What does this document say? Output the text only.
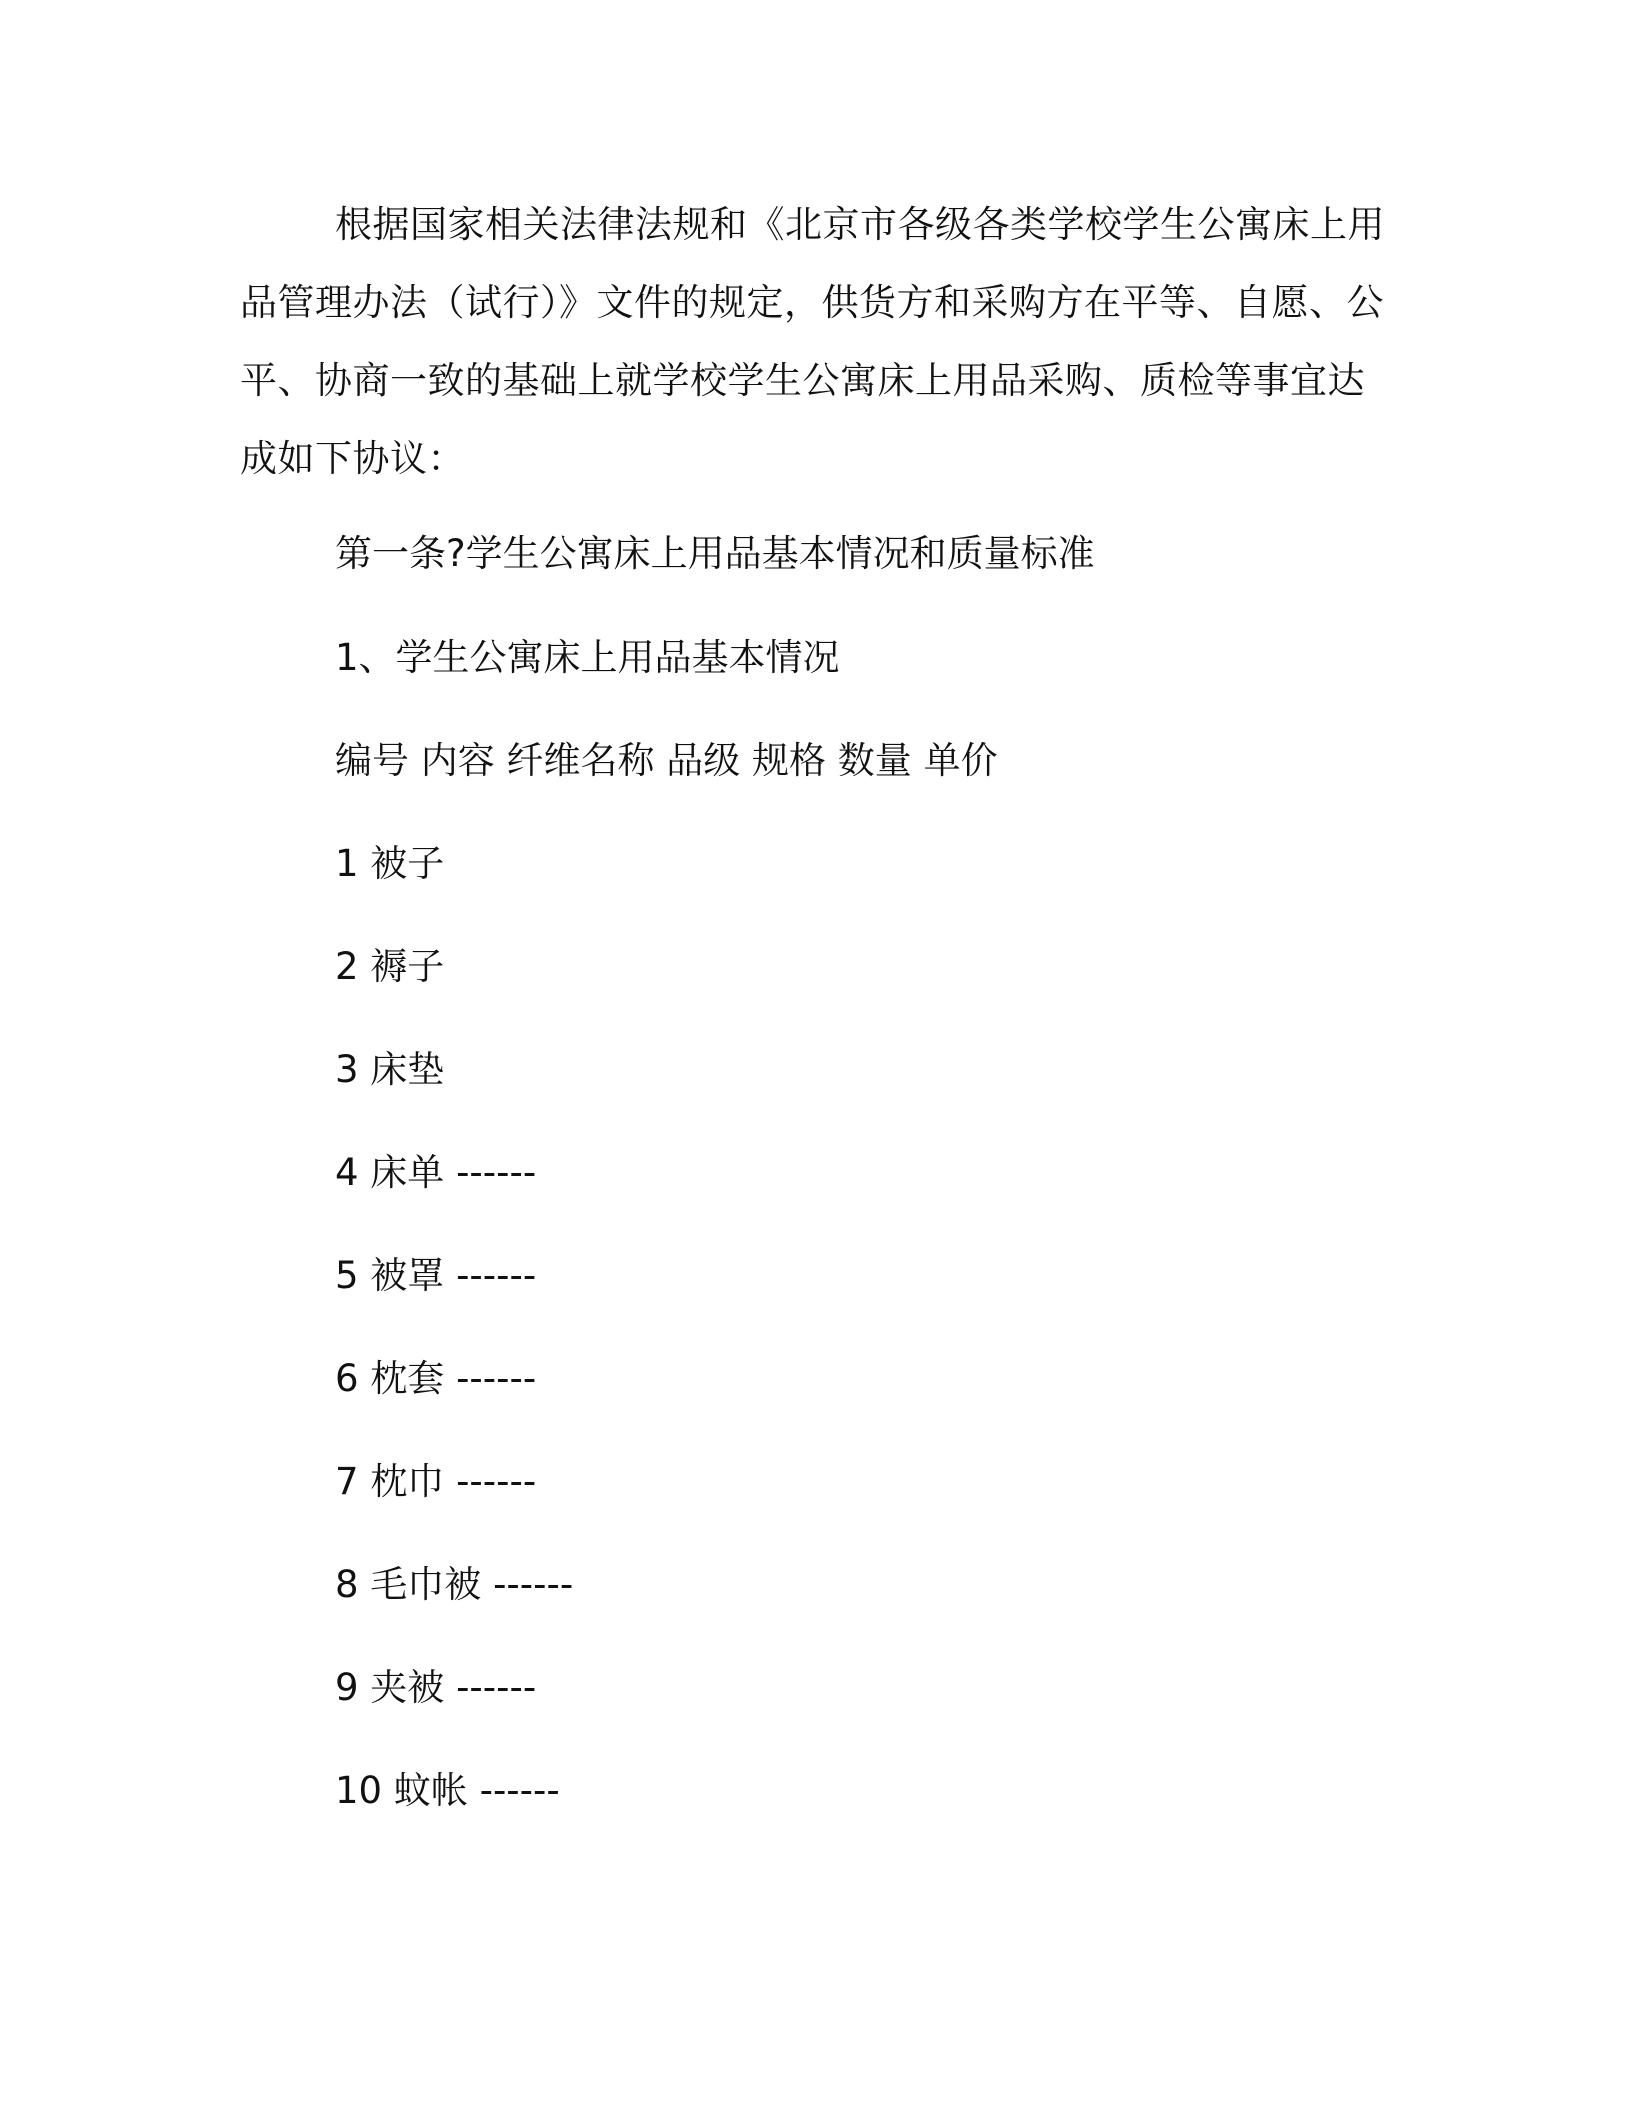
根据国家相关法律法规和《北京市各级各类学校学生公寓床上用品管理办法（试行）》文件的规定，供货方和采购方在平等、自愿、公平、协商一致的基础上就学校学生公寓床上用品采购、质检等事宜达成如下协议：

第一条?学生公寓床上用品基本情况和质量标准

1、学生公寓床上用品基本情况

编号 内容 纤维名称 品级 规格 数量 单价

1 被子

2 褥子

3 床垫

4 床单 ------

5 被罩 ------

6 枕套 ------

7 枕巾 ------

8 毛巾被 ------

9 夹被 ------

10 蚊帐 ------
